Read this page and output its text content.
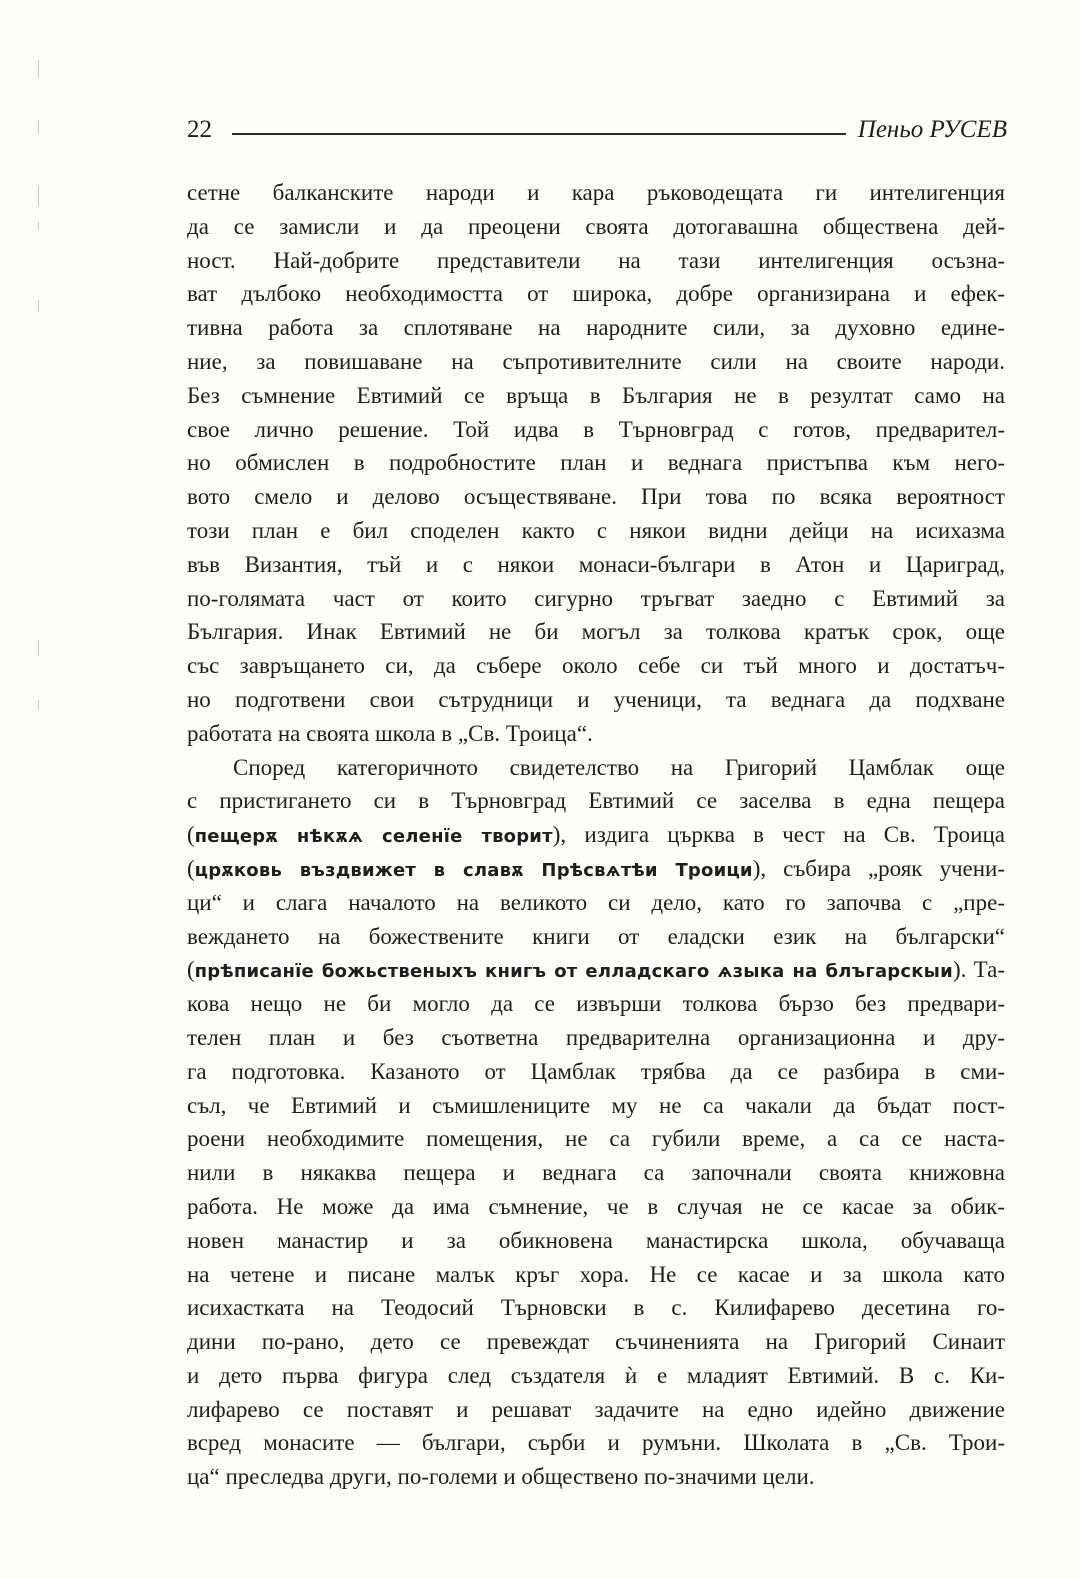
22	Пеньо РУСЕВ
сетне балканските народи и кара ръководещата ги интелигенция
да се замисли и да преоцени своята дотогавашна обществена дей-
ност. Най-добрите представители на тази интелигенция осъзна-
ват дълбоко необходимостта от широка, добре организирана и ефек-
тивна работа за сплотяване на народните сили, за духовно едине-
ние, за повишаване на съпротивителните сили на своите народи.
Без съмнение Евтимий се връща в България не в резултат само на
свое лично решение. Той идва в Търновград с готов, предварител-
но обмислен в подробностите план и веднага пристъпва към него-
вото смело и делово осъществяване. При това по всяка вероятност
този план е бил споделен както с някои видни дейци на исихазма
във Византия, тъй и с някои монаси-българи в Атон и Цариград,
по-голямата част от които сигурно тръгват заедно с Евтимий за
България. Инак Евтимий не би могъл за толкова кратък срок, още
със завръщането си, да събере около себе си тъй много и достатъч-
но подготвени свои сътрудници и ученици, та веднага да подхване
работата на своята школа в „Св. Троица“.
Според категоричното свидетелство на Григорий Цамблак още
с пристигането си в Търновград Евтимий се заселва в една пещера
(пещерѫ нѣкѫѧ селенїе творит), издига църква в чест на Св. Троица
(црѫковь въздвижет в славѫ Прѣсвѧтѣи Троици), събира „рояк учени-
ци“ и слага началото на великото си дело, като го започва с „пре-
веждането на божествените книги от еладски език на български“
(прѣписанїе божьственыхъ книгъ от елладскаго ѧзыка на блъгарскыи). Та-
кова нещо не би могло да се извърши толкова бързо без предвари-
телен план и без съответна предварителна организационна и дру-
га подготовка. Казаното от Цамблак трябва да се разбира в сми-
съл, че Евтимий и съмишлениците му не са чакали да бъдат пост-
роени необходимите помещения, не са губили време, а са се наста-
нили в някаква пещера и веднага са започнали своята книжовна
работа. Не може да има съмнение, че в случая не се касае за обик-
новен манастир и за обикновена манастирска школа, обучаваща
на четене и писане малък кръг хора. Не се касае и за школа като
исихастката на Теодосий Търновски в с. Килифарево десетина го-
дини по-рано, дето се превеждат съчиненията на Григорий Синаит
и дето първа фигура след създателя ѝ е младият Евтимий. В с. Ки-
лифарево се поставят и решават задачите на едно идейно движение
всред монасите — българи, сърби и румъни. Школата в „Св. Трои-
ца“ преследва други, по-големи и обществено по-значими цели.
